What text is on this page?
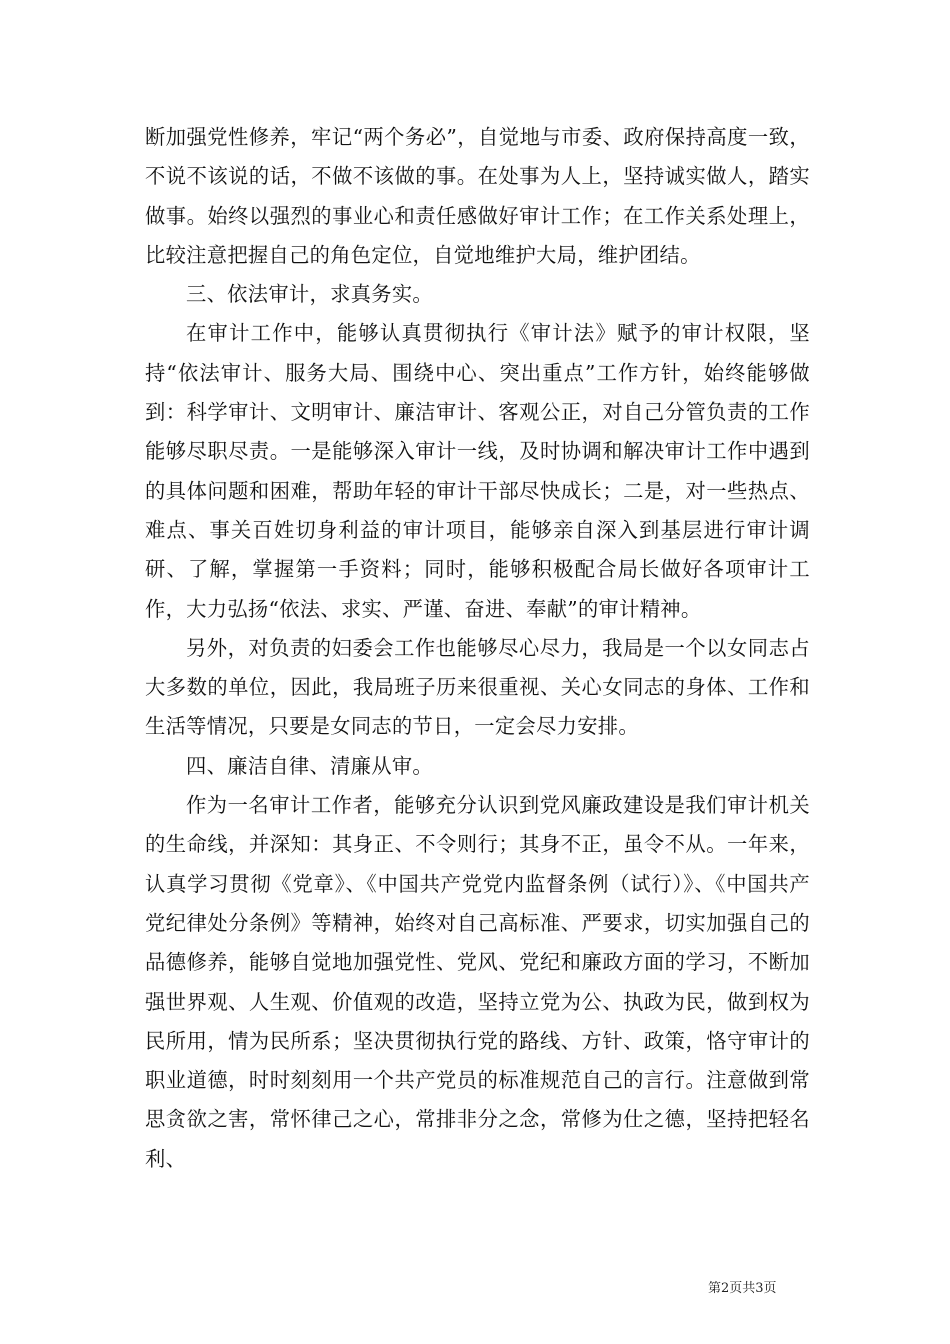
断加强党性修养，牢记“两个务必”，自觉地与市委、政府保持高度一致，不说不该说的话，不做不该做的事。在处事为人上，坚持诚实做人，踏实做事。始终以强烈的事业心和责任感做好审计工作；在工作关系处理上，比较注意把握自己的角色定位，自觉地维护大局，维护团结。

三、依法审计，求真务实。

在审计工作中，能够认真贯彻执行《审计法》赋予的审计权限，坚持“依法审计、服务大局、围绕中心、突出重点”工作方针，始终能够做到：科学审计、文明审计、廉洁审计、客观公正，对自己分管负责的工作能够尽职尽责。一是能够深入审计一线，及时协调和解决审计工作中遇到的具体问题和困难，帮助年轻的审计干部尽快成长；二是，对一些热点、难点、事关百姓切身利益的审计项目，能够亲自深入到基层进行审计调研、了解，掌握第一手资料；同时，能够积极配合局长做好各项审计工作，大力弘扬“依法、求实、严谨、奋进、奉献”的审计精神。

另外，对负责的妇委会工作也能够尽心尽力，我局是一个以女同志占大多数的单位，因此，我局班子历来很重视、关心女同志的身体、工作和生活等情况，只要是女同志的节日，一定会尽力安排。

四、廉洁自律、清廉从审。

作为一名审计工作者，能够充分认识到党风廉政建设是我们审计机关的生命线，并深知：其身正、不令则行；其身不正，虽令不从。一年来，认真学习贯彻《党章》、《中国共产党党内监督条例（试行）》、《中国共产党纪律处分条例》等精神，始终对自己高标准、严要求，切实加强自己的品德修养，能够自觉地加强党性、党风、党纪和廉政方面的学习，不断加强世界观、人生观、价值观的改造，坚持立党为公、执政为民，做到权为民所用，情为民所系；坚决贯彻执行党的路线、方针、政策，恪守审计的职业道德，时时刻刻用一个共产党员的标准规范自己的言行。注意做到常思贪欲之害，常怀律己之心，常排非分之念，常修为仕之德，坚持把轻名利、

第2页共3页
